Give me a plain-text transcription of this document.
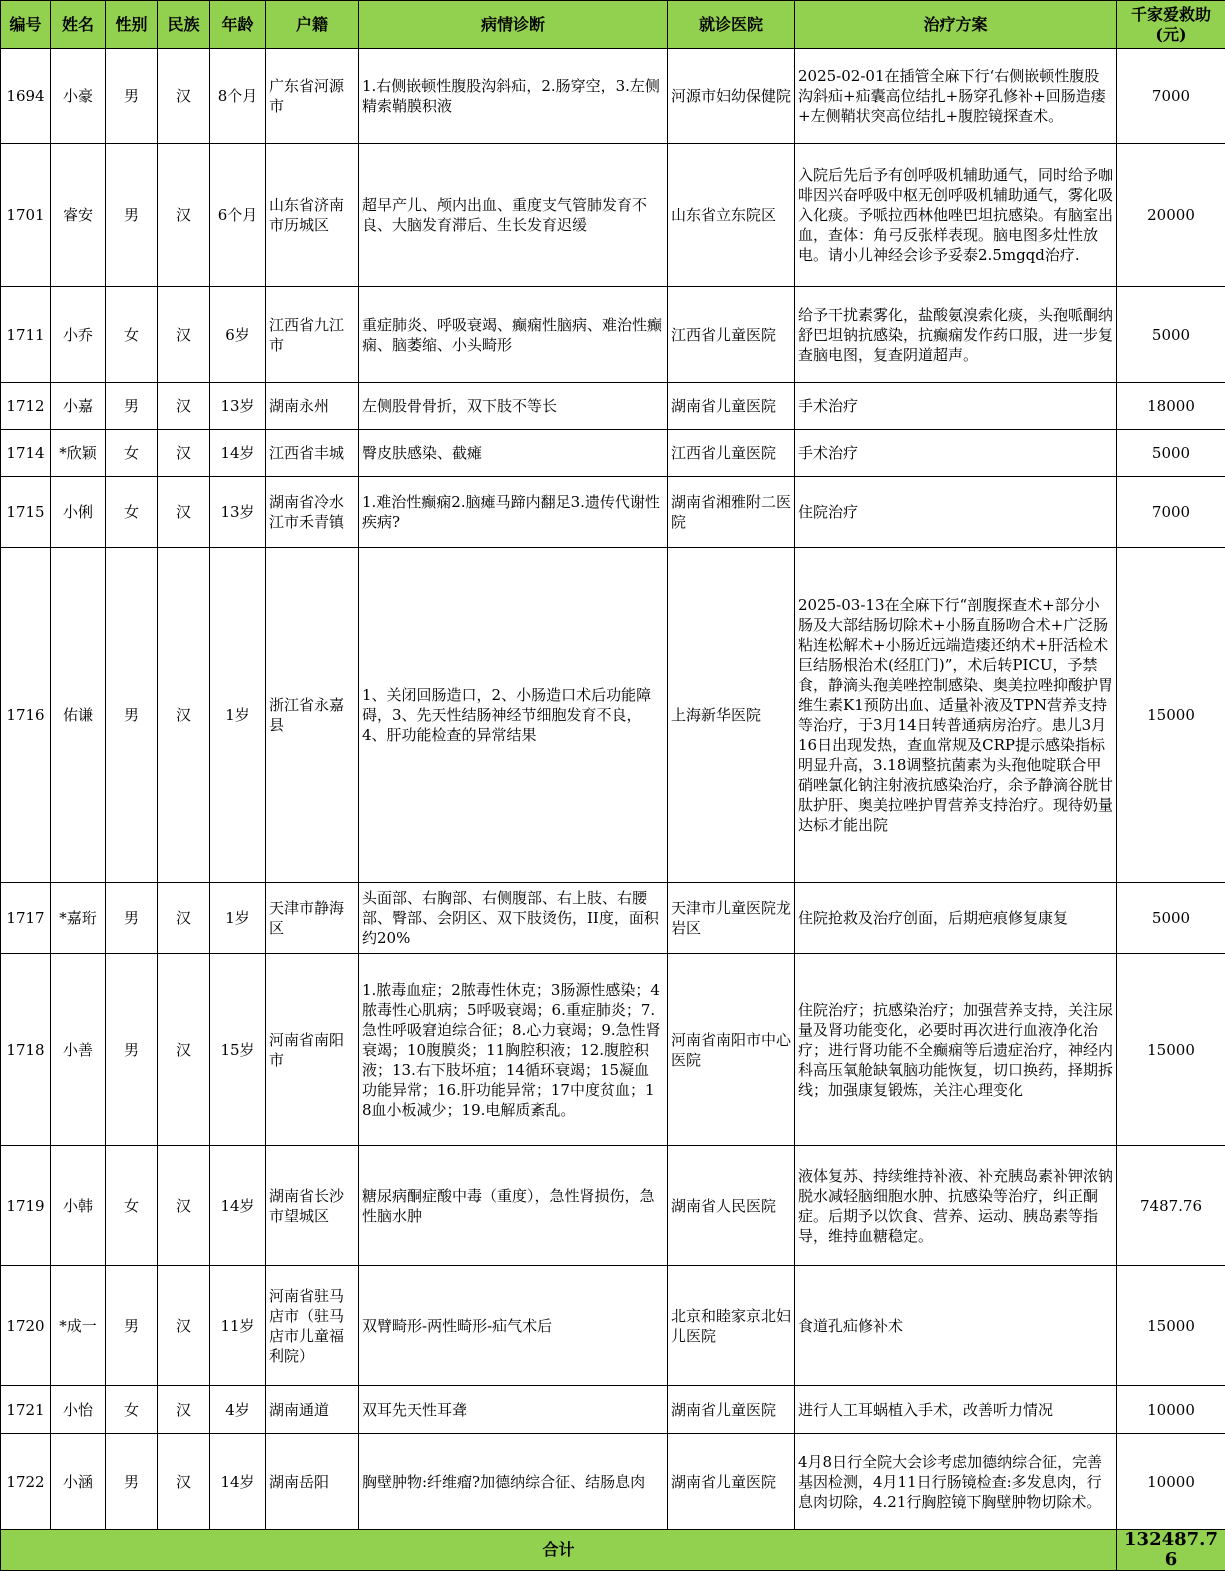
编号	姓名	性别	民族	年龄	户籍	病情诊断	就诊医院	治疗方案	千家爱救助(元)
1694	小豪	男	汉	8个月	广东省河源市	1.右侧嵌顿性腹股沟斜疝，2.肠穿空，3.左侧精索鞘膜积液	河源市妇幼保健院	2025-02-01在插管全麻下行‘右侧嵌顿性腹股沟斜疝+疝囊高位结扎+肠穿孔修补+回肠造瘘+左侧鞘状突高位结扎+腹腔镜探查术。	7000
1701	睿安	男	汉	6个月	山东省济南市历城区	超早产儿、颅内出血、重度支气管肺发育不良、大脑发育滞后、生长发育迟缓	山东省立东院区	入院后先后予有创呼吸机辅助通气，同时给予咖啡因兴奋呼吸中枢无创呼吸机辅助通气，雾化吸入化痰。予哌拉西林他唑巴坦抗感染。有脑室出血，查体：角弓反张样表现。脑电图多灶性放电。请小儿神经会诊予妥泰2.5mgqd治疗.	20000
1711	小乔	女	汉	6岁	江西省九江市	重症肺炎、呼吸衰竭、癫痫性脑病、难治性癫痫、脑萎缩、小头畸形	江西省儿童医院	给予干扰素雾化，盐酸氨溴索化痰，头孢哌酮纳舒巴坦钠抗感染，抗癫痫发作药口服，进一步复查脑电图，复查阴道超声。	5000
1712	小嘉	男	汉	13岁	湖南永州	左侧股骨骨折，双下肢不等长	湖南省儿童医院	手术治疗	18000
1714	*欣颖	女	汉	14岁	江西省丰城	臀皮肤感染、截瘫	江西省儿童医院	手术治疗	5000
1715	小俐	女	汉	13岁	湖南省冷水江市禾青镇	1.难治性癫痫2.脑瘫马蹄内翻足3.遗传代谢性疾病?	湖南省湘雅附二医院	住院治疗	7000
1716	佑谦	男	汉	1岁	浙江省永嘉县	1、关闭回肠造口，2、小肠造口术后功能障碍，3、先天性结肠神经节细胞发育不良，4、肝功能检查的异常结果	上海新华医院	2025-03-13在全麻下行“剖腹探查术+部分小肠及大部结肠切除术+小肠直肠吻合术+广泛肠粘连松解术+小肠近远端造瘘还纳术+肝活检术巨结肠根治术(经肛门)”，术后转PICU，予禁食，静滴头孢美唑控制感染、奥美拉唑抑酸护胃维生素K1预防出血、适量补液及TPN营养支持等治疗，于3月14日转普通病房治疗。患儿3月16日出现发热，查血常规及CRP提示感染指标明显升高，3.18调整抗菌素为头孢他啶联合甲硝唑氯化钠注射液抗感染治疗，余予静滴谷胱甘肽护肝、奥美拉唑护胃营养支持治疗。现待奶量达标才能出院	15000
1717	*嘉珩	男	汉	1岁	天津市静海区	头面部、右胸部、右侧腹部、右上肢、右腰部、臀部、会阴区、双下肢烫伤，II度，面积约20%	天津市儿童医院龙岩区	住院抢救及治疗创面，后期疤痕修复康复	5000
1718	小善	男	汉	15岁	河南省南阳市	1.脓毒血症；2脓毒性休克；3肠源性感染；4脓毒性心肌病；5呼吸衰竭；6.重症肺炎；7.急性呼吸窘迫综合征；8.心力衰竭；9.急性肾衰竭；10腹膜炎；11胸腔积液；12.腹腔积液；13.右下肢坏疽；14循环衰竭；15凝血功能异常；16.肝功能异常；17中度贫血；18血小板减少；19.电解质紊乱。	河南省南阳市中心医院	住院治疗；抗感染治疗；加强营养支持，关注尿量及肾功能变化，必要时再次进行血液净化治疗；进行肾功能不全癫痫等后遗症治疗，神经内科高压氧舱缺氧脑功能恢复，切口换药，择期拆线；加强康复锻炼，关注心理变化	15000
1719	小韩	女	汉	14岁	湖南省长沙市望城区	糖尿病酮症酸中毒（重度），急性肾损伤，急性脑水肿	湖南省人民医院	液体复苏、持续维持补液、补充胰岛素补钾浓钠脱水减轻脑细胞水肿、抗感染等治疗，纠正酮症。后期予以饮食、营养、运动、胰岛素等指导，维持血糖稳定。	7487.76
1720	*成一	男	汉	11岁	河南省驻马店市（驻马店市儿童福利院）	双臂畸形-两性畸形-疝气术后	北京和睦家京北妇儿医院	食道孔疝修补术	15000
1721	小怡	女	汉	4岁	湖南通道	双耳先天性耳聋	湖南省儿童医院	进行人工耳蜗植入手术，改善听力情况	10000
1722	小涵	男	汉	14岁	湖南岳阳	胸壁肿物:纤维瘤?加德纳综合征、结肠息肉	湖南省儿童医院	4月8日行全院大会诊考虑加德纳综合征，完善基因检测，4月11日行肠镜检查:多发息肉，行息肉切除，4.21行胸腔镜下胸壁肿物切除术。	10000
合计									132487.76
